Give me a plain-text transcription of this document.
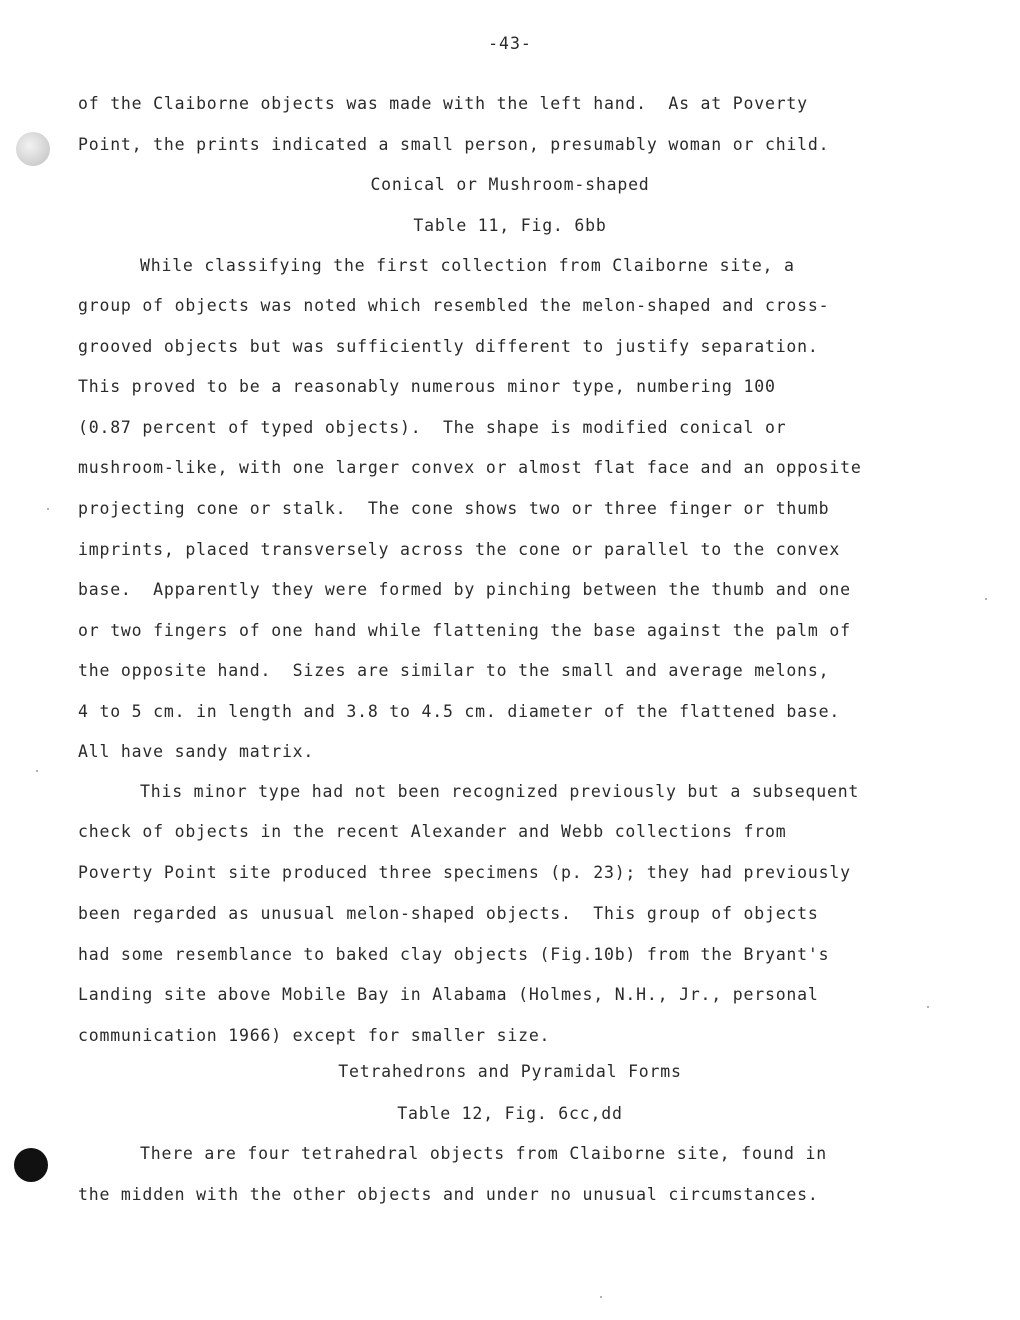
-43-
of the Claiborne objects was made with the left hand.  As at Poverty
Point, the prints indicated a small person, presumably woman or child.
Conical or Mushroom-shaped
Table 11, Fig. 6bb
While classifying the first collection from Claiborne site, a
group of objects was noted which resembled the melon-shaped and cross-
grooved objects but was sufficiently different to justify separation.
This proved to be a reasonably numerous minor type, numbering 100
(0.87 percent of typed objects).  The shape is modified conical or
mushroom-like, with one larger convex or almost flat face and an opposite
projecting cone or stalk.  The cone shows two or three finger or thumb
imprints, placed transversely across the cone or parallel to the convex
base.  Apparently they were formed by pinching between the thumb and one
or two fingers of one hand while flattening the base against the palm of
the opposite hand.  Sizes are similar to the small and average melons,
4 to 5 cm. in length and 3.8 to 4.5 cm. diameter of the flattened base.
All have sandy matrix.
This minor type had not been recognized previously but a subsequent
check of objects in the recent Alexander and Webb collections from
Poverty Point site produced three specimens (p. 23); they had previously
been regarded as unusual melon-shaped objects.  This group of objects
had some resemblance to baked clay objects (Fig.10b) from the Bryant's
Landing site above Mobile Bay in Alabama (Holmes, N.H., Jr., personal
communication 1966) except for smaller size.
Tetrahedrons and Pyramidal Forms
Table 12, Fig. 6cc,dd
There are four tetrahedral objects from Claiborne site, found in
the midden with the other objects and under no unusual circumstances.
